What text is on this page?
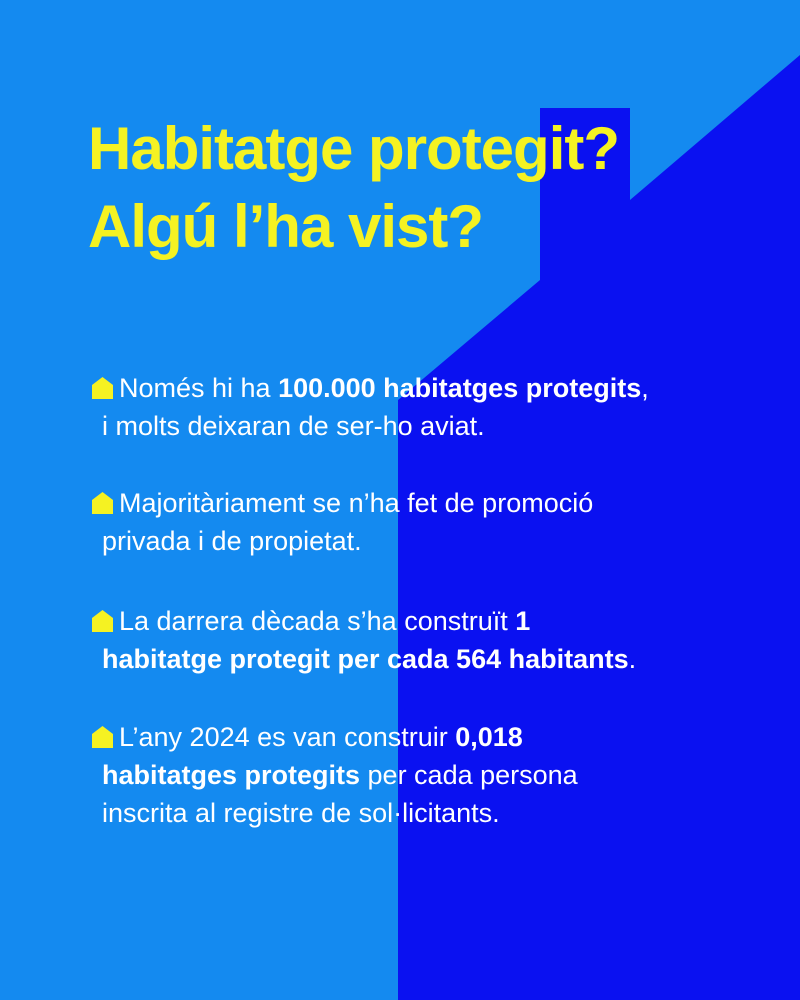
Habitatge protegit?
Algú l’ha vist?
Només hi ha 100.000 habitatges protegits,
i molts deixaran de ser-ho aviat.
Majoritàriament se n’ha fet de promoció
privada i de propietat.
La darrera dècada s’ha construït 1
habitatge protegit per cada 564 habitants.
L’any 2024 es van construir 0,018
habitatges protegits per cada persona
inscrita al registre de sol·licitants.
